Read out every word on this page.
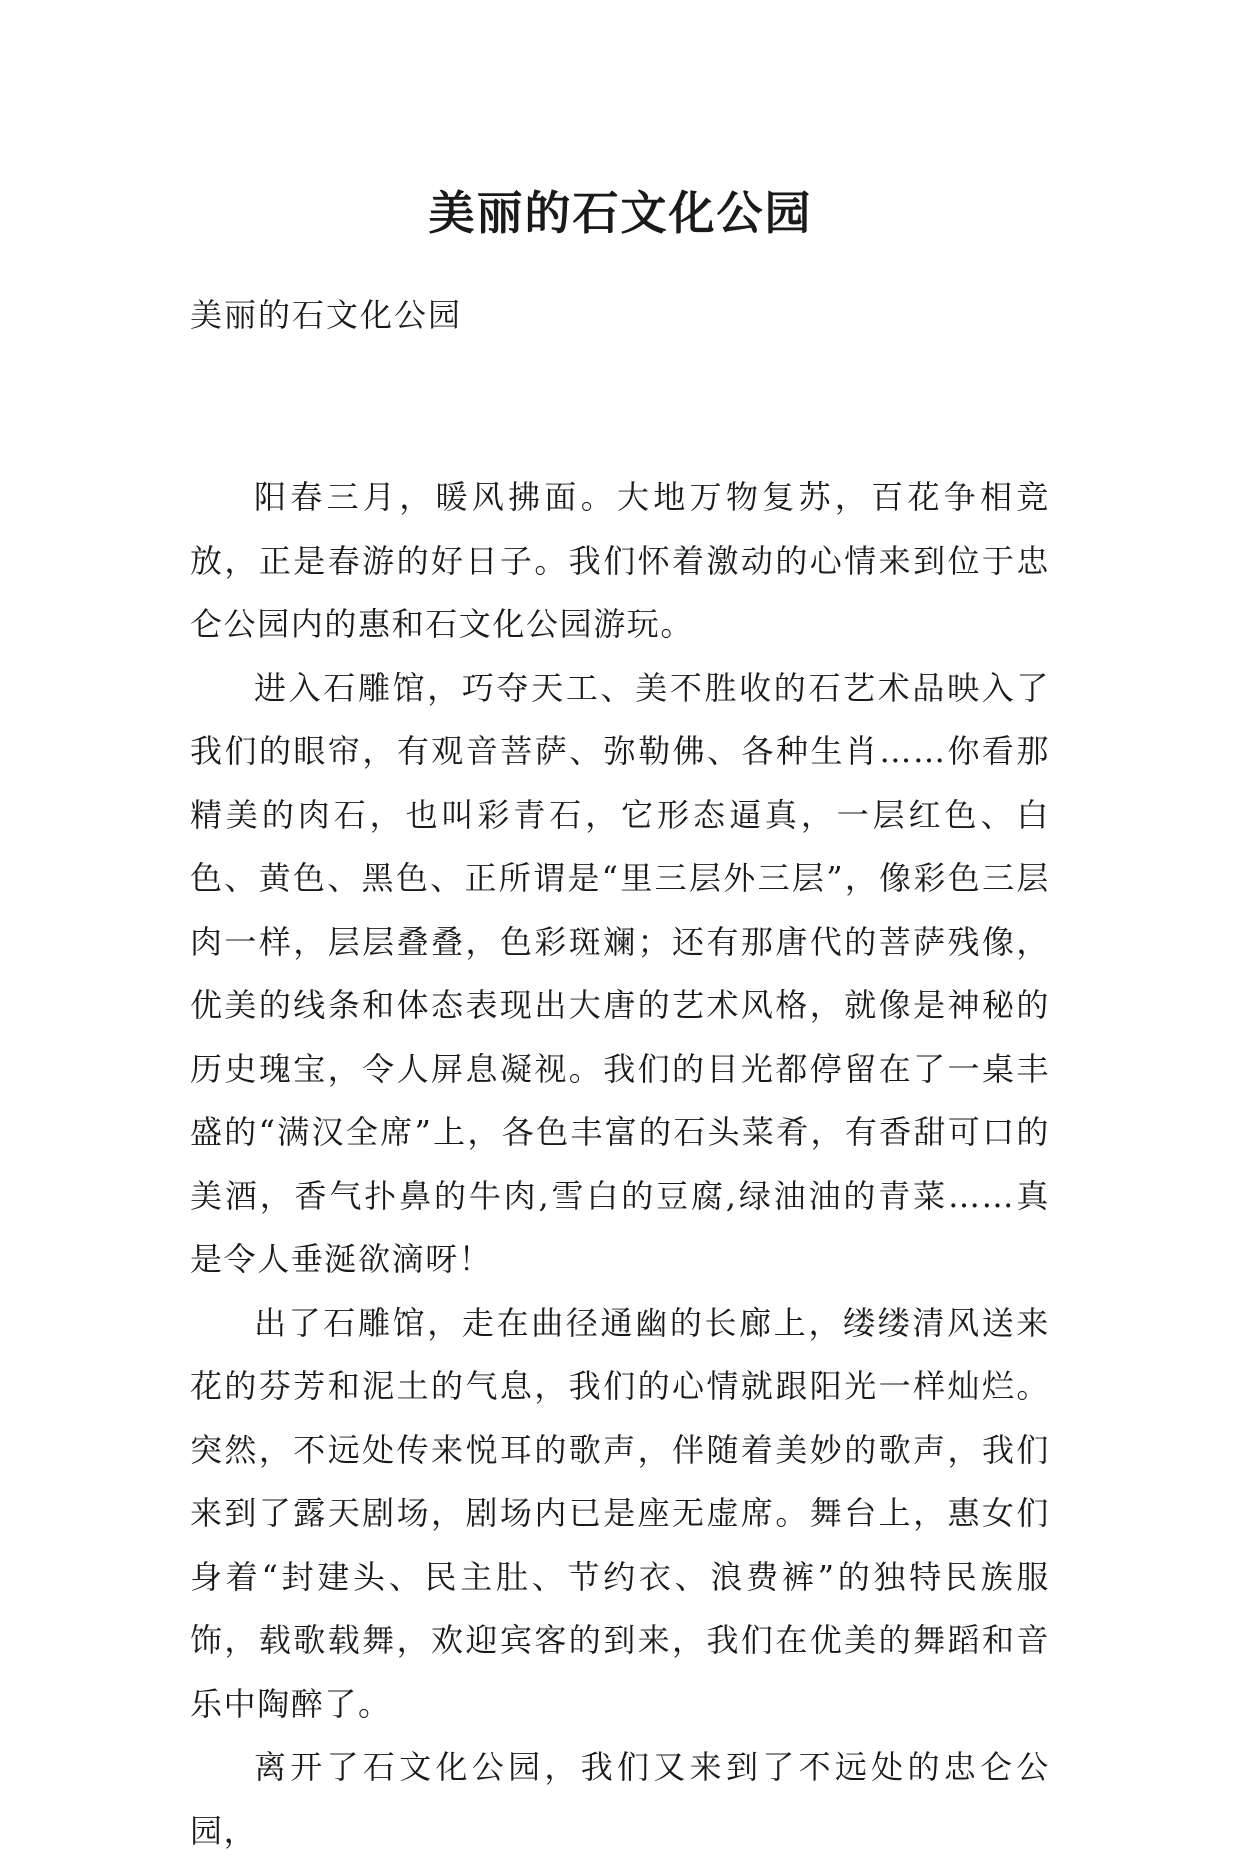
美丽的石文化公园

美丽的石文化公园

阳春三月，暖风拂面。大地万物复苏，百花争相竞放，正是春游的好日子。我们怀着激动的心情来到位于忠仑公园内的惠和石文化公园游玩。

进入石雕馆，巧夺天工、美不胜收的石艺术品映入了我们的眼帘，有观音菩萨、弥勒佛、各种生肖……你看那精美的肉石，也叫彩青石，它形态逼真，一层红色、白色、黄色、黑色、正所谓是“里三层外三层”，像彩色三层肉一样，层层叠叠，色彩斑斓；还有那唐代的菩萨残像，优美的线条和体态表现出大唐的艺术风格，就像是神秘的历史瑰宝，令人屏息凝视。我们的目光都停留在了一桌丰盛的“满汉全席”上，各色丰富的石头菜肴，有香甜可口的美酒，香气扑鼻的牛肉,雪白的豆腐,绿油油的青菜……真是令人垂涎欲滴呀！

出了石雕馆，走在曲径通幽的长廊上，缕缕清风送来花的芬芳和泥土的气息，我们的心情就跟阳光一样灿烂。突然，不远处传来悦耳的歌声，伴随着美妙的歌声，我们来到了露天剧场，剧场内已是座无虚席。舞台上，惠女们身着“封建头、民主肚、节约衣、浪费裤”的独特民族服饰，载歌载舞，欢迎宾客的到来，我们在优美的舞蹈和音乐中陶醉了。

离开了石文化公园，我们又来到了不远处的忠仑公园，
